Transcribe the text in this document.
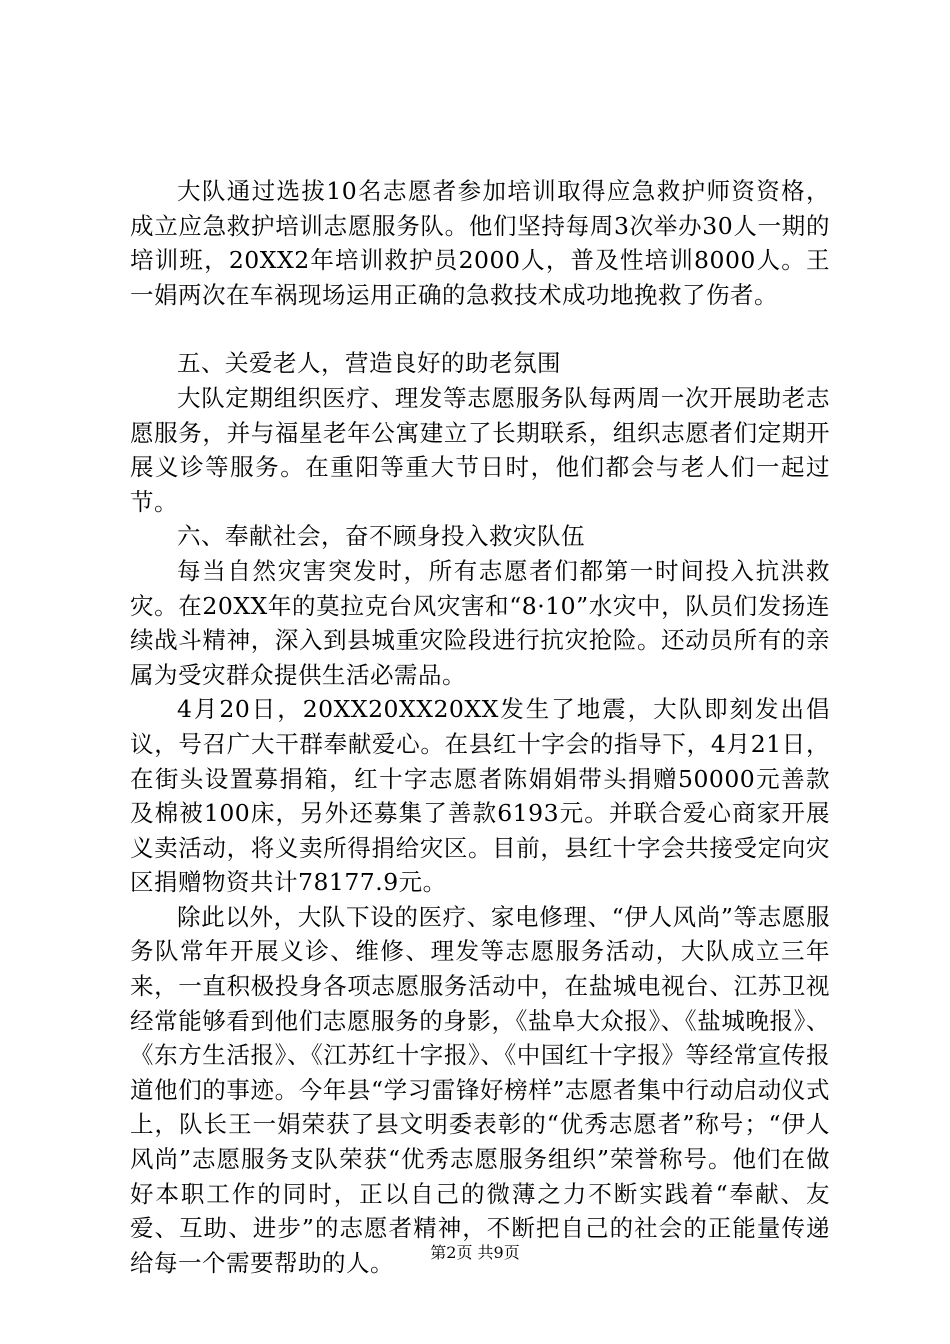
大队通过选拔10名志愿者参加培训取得应急救护师资资格，成立应急救护培训志愿服务队。他们坚持每周3次举办30人一期的培训班，20XX2年培训救护员2000人，普及性培训8000人。王一娟两次在车祸现场运用正确的急救技术成功地挽救了伤者。

五、关爱老人，营造良好的助老氛围

大队定期组织医疗、理发等志愿服务队每两周一次开展助老志愿服务，并与福星老年公寓建立了长期联系，组织志愿者们定期开展义诊等服务。在重阳等重大节日时，他们都会与老人们一起过节。

六、奉献社会，奋不顾身投入救灾队伍

每当自然灾害突发时，所有志愿者们都第一时间投入抗洪救灾。在20XX年的莫拉克台风灾害和“8·10”水灾中，队员们发扬连续战斗精神，深入到县城重灾险段进行抗灾抢险。还动员所有的亲属为受灾群众提供生活必需品。

4月20日，20XX20XX20XX发生了地震，大队即刻发出倡议，号召广大干群奉献爱心。在县红十字会的指导下，4月21日，在街头设置募捐箱，红十字志愿者陈娟娟带头捐赠50000元善款及棉被100床，另外还募集了善款6193元。并联合爱心商家开展义卖活动，将义卖所得捐给灾区。目前，县红十字会共接受定向灾区捐赠物资共计78177.9元。

除此以外，大队下设的医疗、家电修理、“伊人风尚”等志愿服务队常年开展义诊、维修、理发等志愿服务活动，大队成立三年来，一直积极投身各项志愿服务活动中，在盐城电视台、江苏卫视经常能够看到他们志愿服务的身影，《盐阜大众报》、《盐城晚报》、《东方生活报》、《江苏红十字报》、《中国红十字报》等经常宣传报道他们的事迹。今年县“学习雷锋好榜样”志愿者集中行动启动仪式上，队长王一娟荣获了县文明委表彰的“优秀志愿者”称号；“伊人风尚”志愿服务支队荣获“优秀志愿服务组织”荣誉称号。他们在做好本职工作的同时，正以自己的微薄之力不断实践着“奉献、友爱、互助、进步”的志愿者精神，不断把自己的社会的正能量传递给每一个需要帮助的人。	第2页 共9页
